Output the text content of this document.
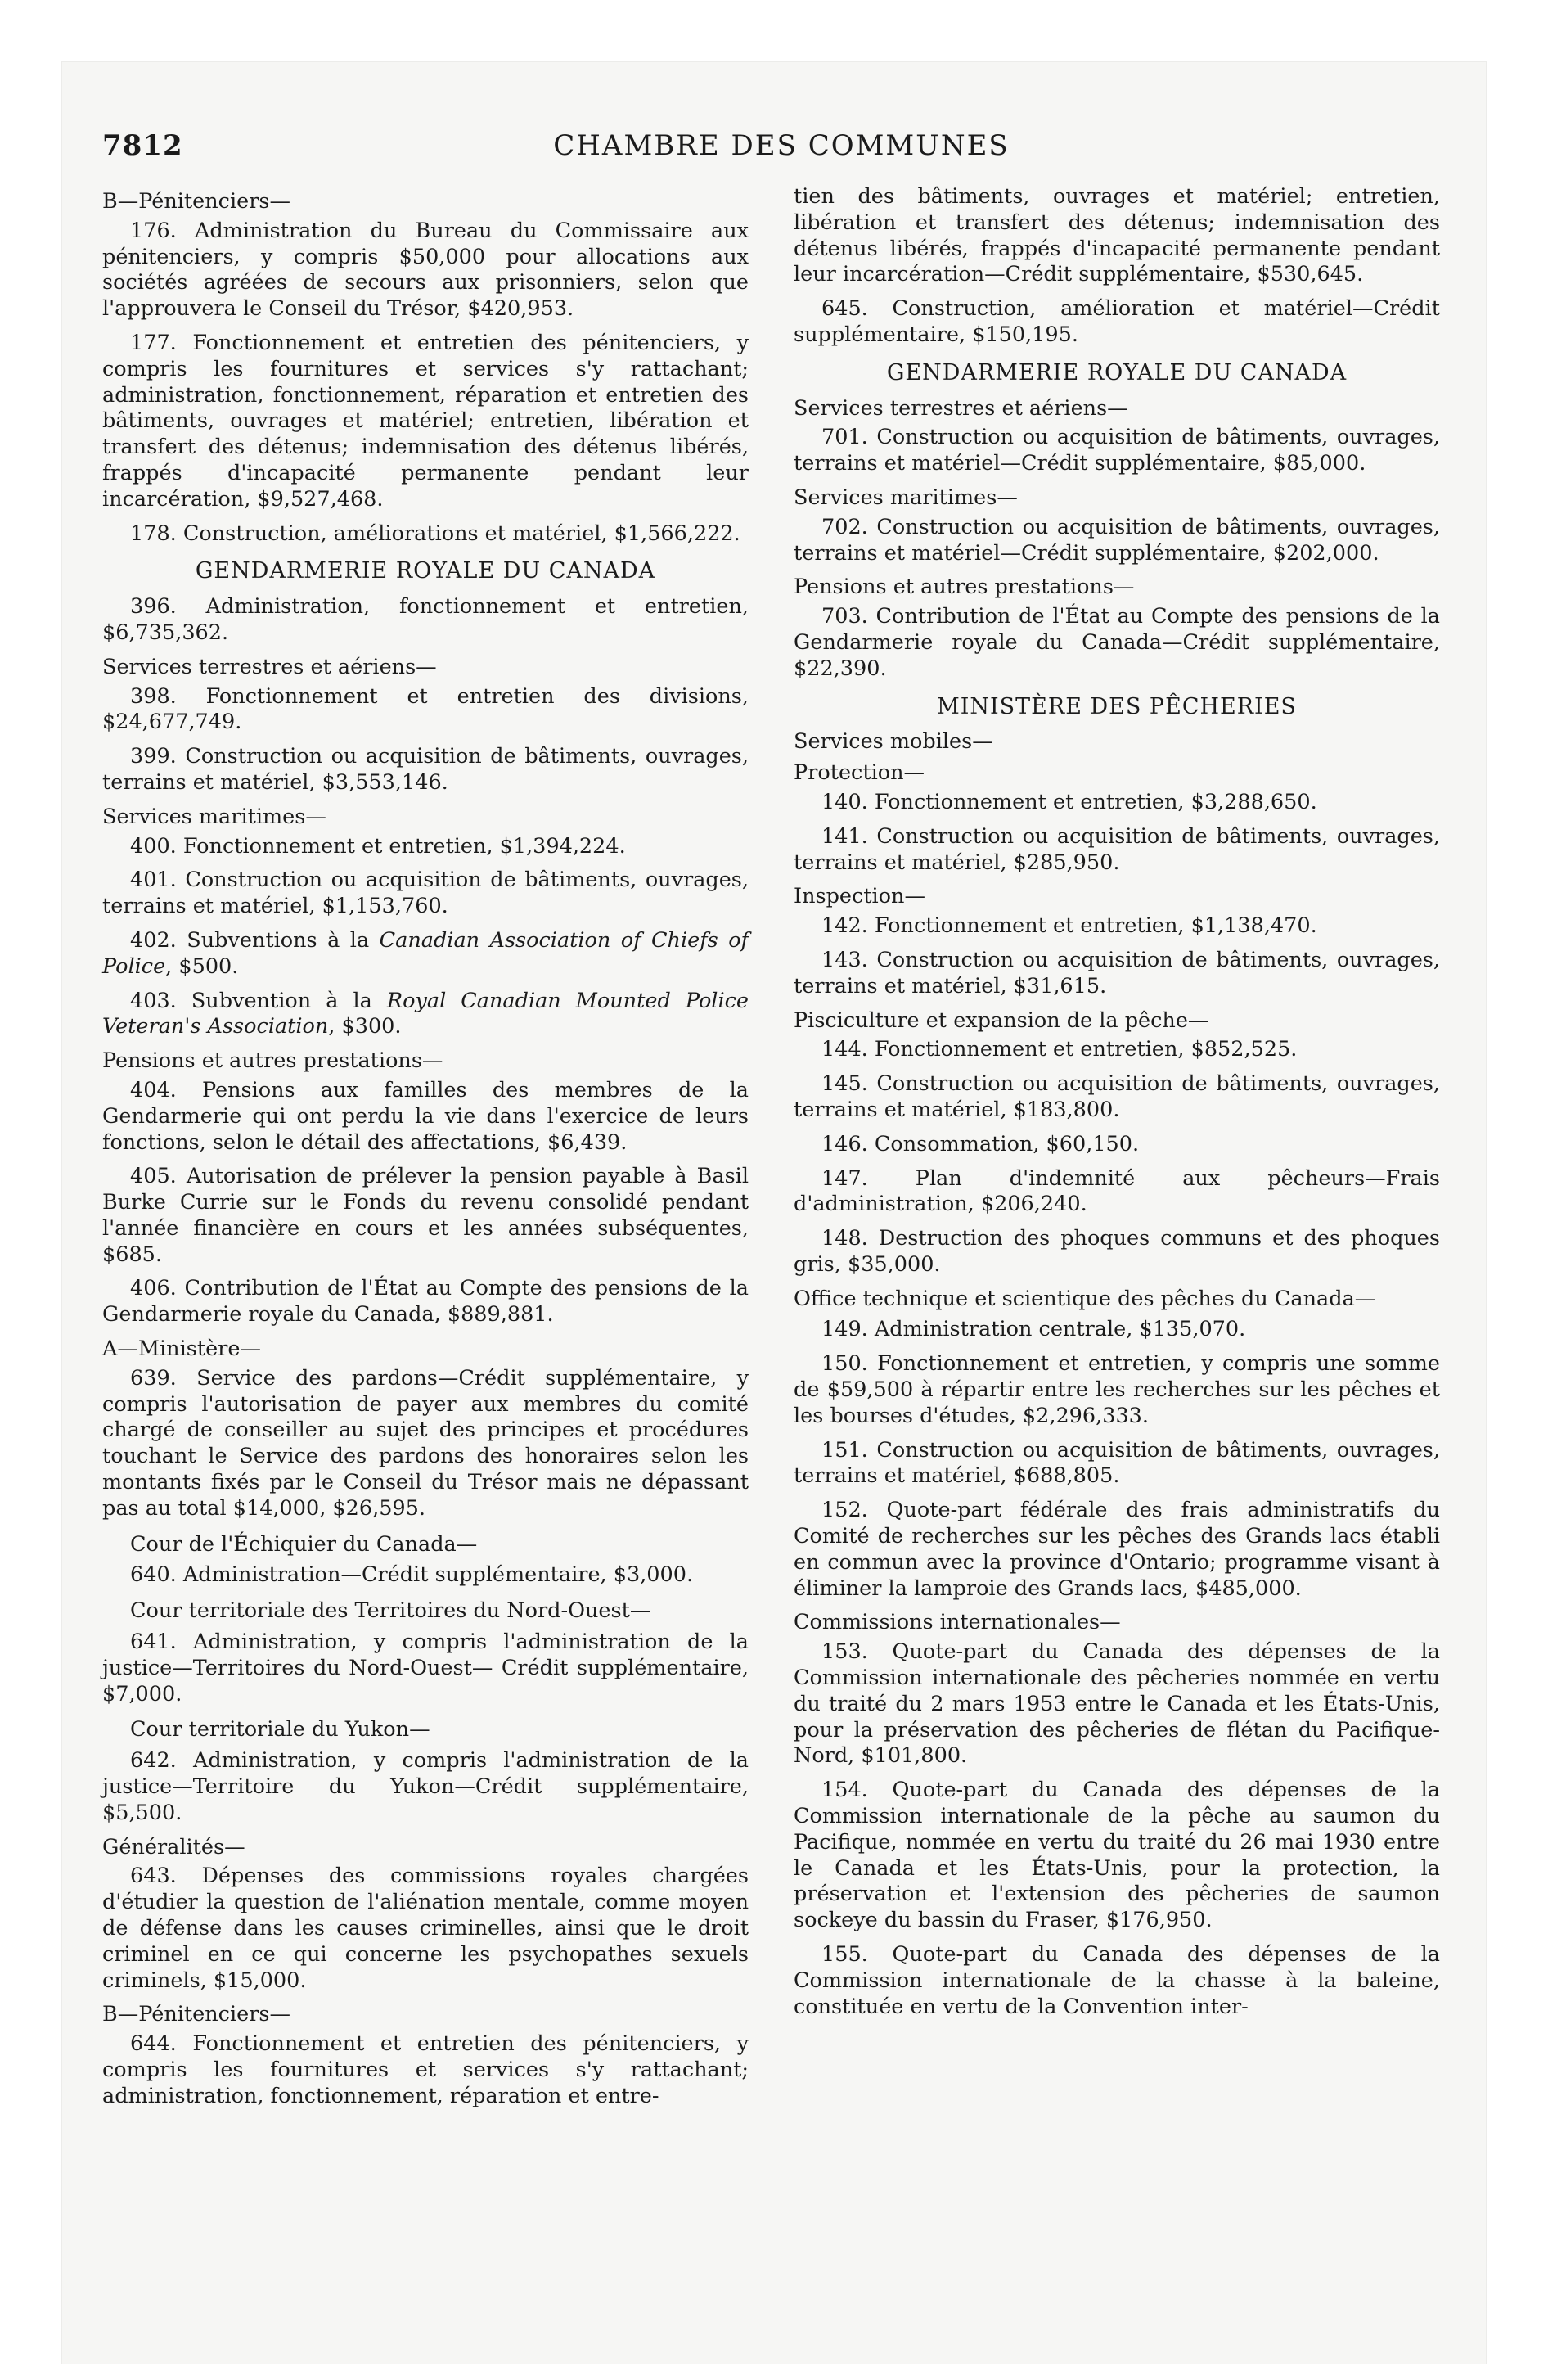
7812	CHAMBRE DES COMMUNES
B—Pénitenciers—
176. Administration du Bureau du Commissaire aux pénitenciers, y compris $50,000 pour allocations aux sociétés agréées de secours aux prisonniers, selon que l'approuvera le Conseil du Trésor, $420,953.
177. Fonctionnement et entretien des pénitenciers, y compris les fournitures et services s'y rattachant; administration, fonctionnement, réparation et entretien des bâtiments, ouvrages et matériel; entretien, libération et transfert des détenus; indemnisation des détenus libérés, frappés d'incapacité permanente pendant leur incarcération, $9,527,468.
178. Construction, améliorations et matériel, $1,566,222.
GENDARMERIE ROYALE DU CANADA
396. Administration, fonctionnement et entretien, $6,735,362.
Services terrestres et aériens—
398. Fonctionnement et entretien des divisions, $24,677,749.
399. Construction ou acquisition de bâtiments, ouvrages, terrains et matériel, $3,553,146.
Services maritimes—
400. Fonctionnement et entretien, $1,394,224.
401. Construction ou acquisition de bâtiments, ouvrages, terrains et matériel, $1,153,760.
402. Subventions à la Canadian Association of Chiefs of Police, $500.
403. Subvention à la Royal Canadian Mounted Police Veteran's Association, $300.
Pensions et autres prestations—
404. Pensions aux familles des membres de la Gendarmerie qui ont perdu la vie dans l'exercice de leurs fonctions, selon le détail des affectations, $6,439.
405. Autorisation de prélever la pension payable à Basil Burke Currie sur le Fonds du revenu consolidé pendant l'année financière en cours et les années subséquentes, $685.
406. Contribution de l'État au Compte des pensions de la Gendarmerie royale du Canada, $889,881.
A—Ministère—
639. Service des pardons—Crédit supplémentaire, y compris l'autorisation de payer aux membres du comité chargé de conseiller au sujet des principes et procédures touchant le Service des pardons des honoraires selon les montants fixés par le Conseil du Trésor mais ne dépassant pas au total $14,000, $26,595.
Cour de l'Échiquier du Canada—
640. Administration—Crédit supplémentaire, $3,000.
Cour territoriale des Territoires du Nord-Ouest—
641. Administration, y compris l'administration de la justice—Territoires du Nord-Ouest— Crédit supplémentaire, $7,000.
Cour territoriale du Yukon—
642. Administration, y compris l'administration de la justice—Territoire du Yukon—Crédit supplémentaire, $5,500.
Généralités—
643. Dépenses des commissions royales chargées d'étudier la question de l'aliénation mentale, comme moyen de défense dans les causes criminelles, ainsi que le droit criminel en ce qui concerne les psychopathes sexuels criminels, $15,000.
B—Pénitenciers—
644. Fonctionnement et entretien des pénitenciers, y compris les fournitures et services s'y rattachant; administration, fonctionnement, réparation et entre-
tien des bâtiments, ouvrages et matériel; entretien, libération et transfert des détenus; indemnisation des détenus libérés, frappés d'incapacité permanente pendant leur incarcération—Crédit supplémentaire, $530,645.
645. Construction, amélioration et matériel—Crédit supplémentaire, $150,195.
GENDARMERIE ROYALE DU CANADA
Services terrestres et aériens—
701. Construction ou acquisition de bâtiments, ouvrages, terrains et matériel—Crédit supplémentaire, $85,000.
Services maritimes—
702. Construction ou acquisition de bâtiments, ouvrages, terrains et matériel—Crédit supplémentaire, $202,000.
Pensions et autres prestations—
703. Contribution de l'État au Compte des pensions de la Gendarmerie royale du Canada—Crédit supplémentaire, $22,390.
MINISTÈRE DES PÊCHERIES
Services mobiles—
Protection—
140. Fonctionnement et entretien, $3,288,650.
141. Construction ou acquisition de bâtiments, ouvrages, terrains et matériel, $285,950.
Inspection—
142. Fonctionnement et entretien, $1,138,470.
143. Construction ou acquisition de bâtiments, ouvrages, terrains et matériel, $31,615.
Pisciculture et expansion de la pêche—
144. Fonctionnement et entretien, $852,525.
145. Construction ou acquisition de bâtiments, ouvrages, terrains et matériel, $183,800.
146. Consommation, $60,150.
147. Plan d'indemnité aux pêcheurs—Frais d'administration, $206,240.
148. Destruction des phoques communs et des phoques gris, $35,000.
Office technique et scientique des pêches du Canada—
149. Administration centrale, $135,070.
150. Fonctionnement et entretien, y compris une somme de $59,500 à répartir entre les recherches sur les pêches et les bourses d'études, $2,296,333.
151. Construction ou acquisition de bâtiments, ouvrages, terrains et matériel, $688,805.
152. Quote-part fédérale des frais administratifs du Comité de recherches sur les pêches des Grands lacs établi en commun avec la province d'Ontario; programme visant à éliminer la lamproie des Grands lacs, $485,000.
Commissions internationales—
153. Quote-part du Canada des dépenses de la Commission internationale des pêcheries nommée en vertu du traité du 2 mars 1953 entre le Canada et les États-Unis, pour la préservation des pêcheries de flétan du Pacifique-Nord, $101,800.
154. Quote-part du Canada des dépenses de la Commission internationale de la pêche au saumon du Pacifique, nommée en vertu du traité du 26 mai 1930 entre le Canada et les États-Unis, pour la protection, la préservation et l'extension des pêcheries de saumon sockeye du bassin du Fraser, $176,950.
155. Quote-part du Canada des dépenses de la Commission internationale de la chasse à la baleine, constituée en vertu de la Convention inter-
